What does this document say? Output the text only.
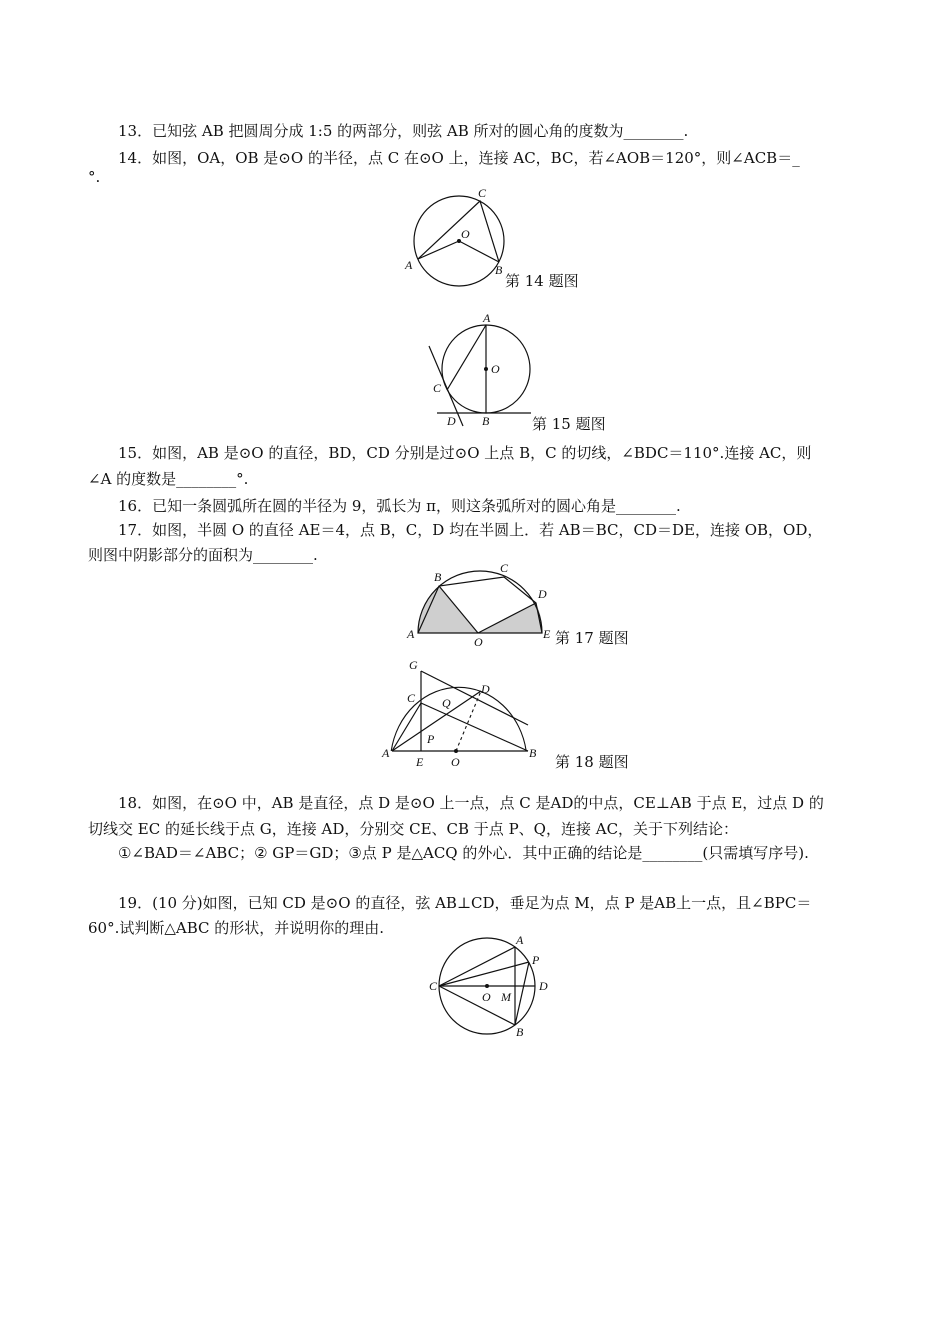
13．已知弦 AB 把圆周分成 1:5 的两部分，则弦 AB 所对的圆心角的度数为________.
14．如图，OA，OB 是⊙O 的半径，点 C 在⊙O 上，连接 AC，BC，若∠AOB＝120°，则∠ACB＝_
°.
C
O
A	B
第 14 题图
A
O
C
D B	第 15 题图
15．如图，AB 是⊙O 的直径，BD，CD 分别是过⊙O 上点 B，C 的切线，∠BDC＝110°.连接 AC，则
∠A 的度数是________°.
16．已知一条圆弧所在圆的半径为 9，弧长为 π，则这条弧所对的圆心角是________.
17．如图，半圆 O 的直径 AE＝4，点 B，C，D 均在半圆上．若 AB＝BC，CD＝DE，连接 OB，OD，
则图中阴影部分的面积为________.
B
C
D
A
O
E 第 17 题图
G
C
D
Q
P
A
E O
B 第 18 题图
18．如图，在⊙O 中，AB 是直径，点 D 是⊙O 上一点，点 C 是AD的中点，CE⊥AB 于点 E，过点 D 的
切线交 EC 的延长线于点 G，连接 AD，分别交 CE、CB 于点 P、Q，连接 AC，关于下列结论：
①∠BAD＝∠ABC；② GP＝GD；③点 P 是△ACQ 的外心．其中正确的结论是________(只需填写序号).
19．(10 分)如图，已知 CD 是⊙O 的直径，弦 AB⊥CD，垂足为点 M，点 P 是AB上一点，且∠BPC＝
60°.试判断△ABC 的形状，并说明你的理由.
A
P
C
O M
D
B
